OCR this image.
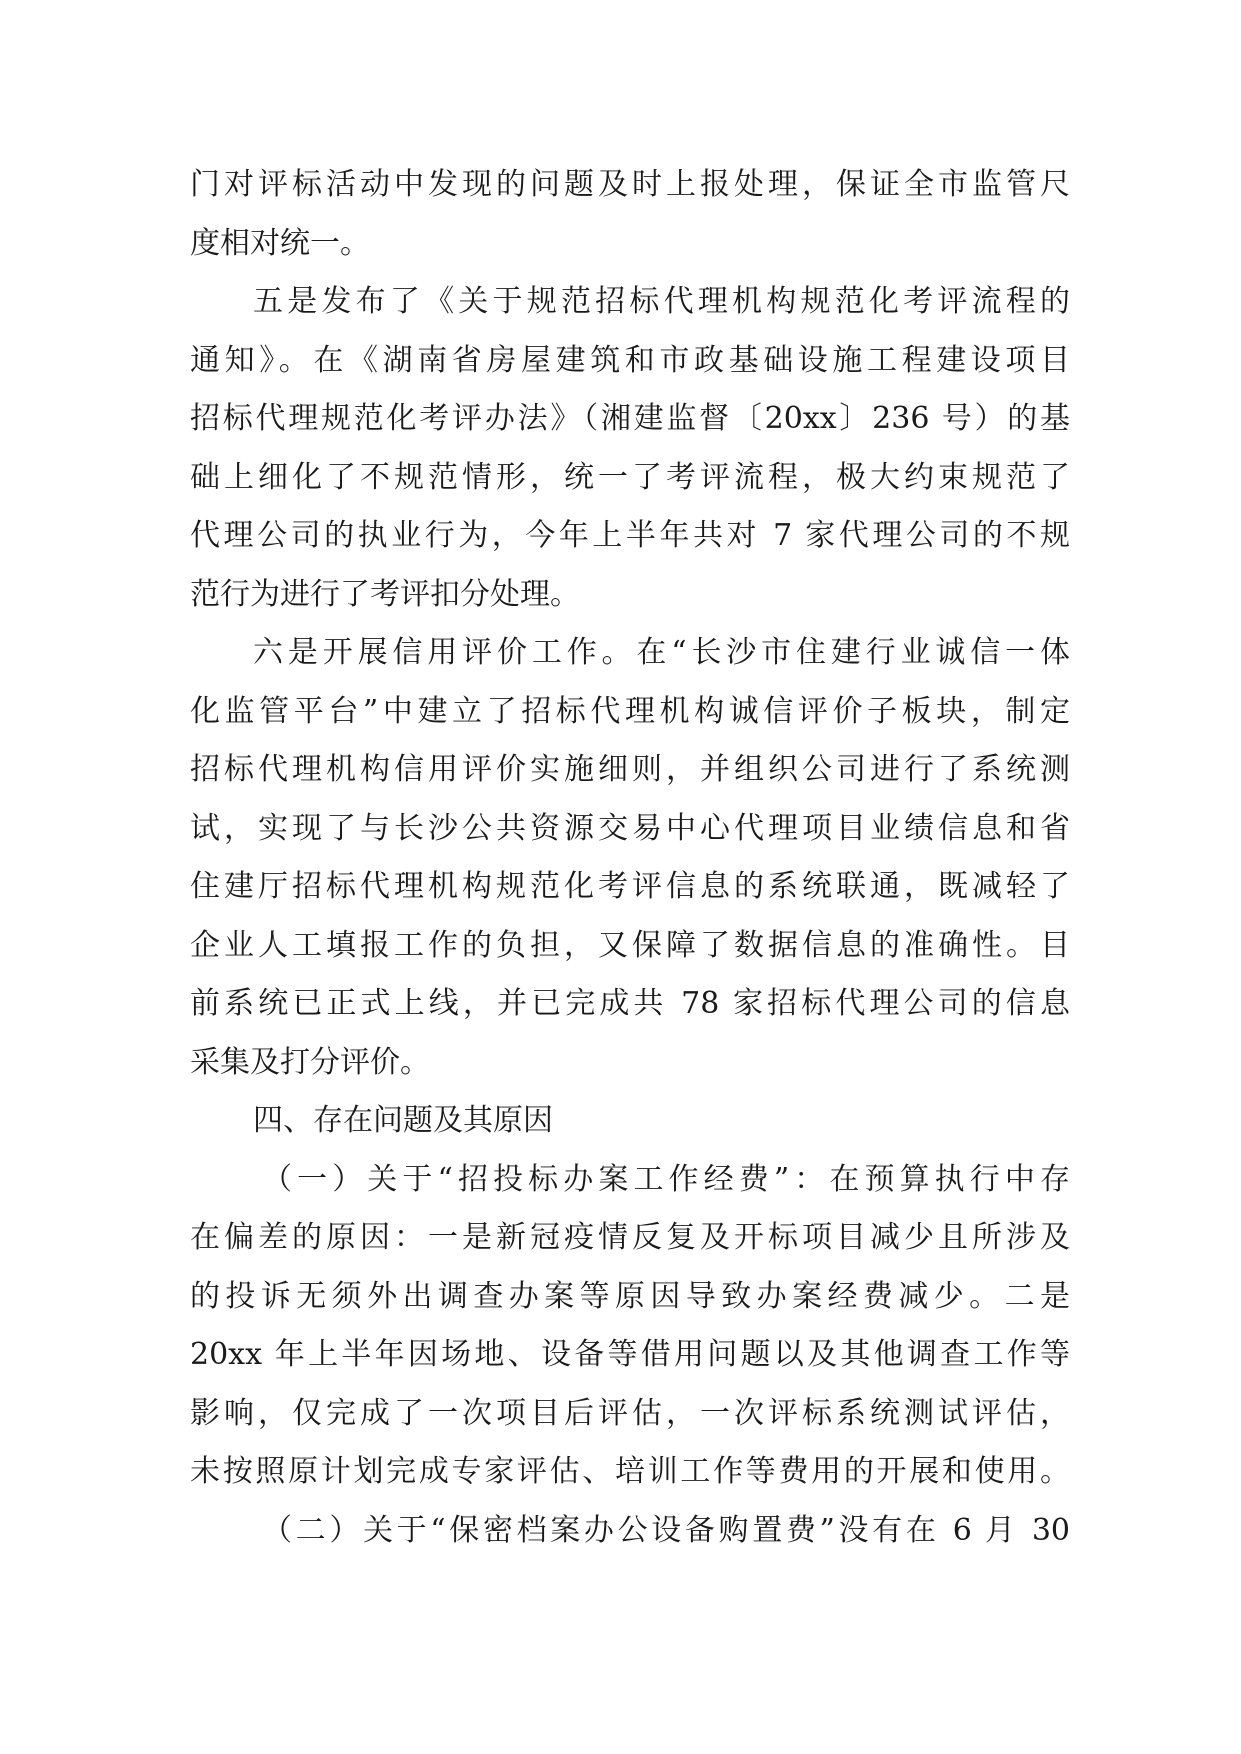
门对评标活动中发现的问题及时上报处理，保证全市监管尺
度相对统一。
五是发布了《关于规范招标代理机构规范化考评流程的
通知》。在《湖南省房屋建筑和市政基础设施工程建设项目
招标代理规范化考评办法》（湘建监督〔20xx〕236 号）的基
础上细化了不规范情形，统一了考评流程，极大约束规范了
代理公司的执业行为，今年上半年共对 7 家代理公司的不规
范行为进行了考评扣分处理。
六是开展信用评价工作。在“长沙市住建行业诚信一体
化监管平台”中建立了招标代理机构诚信评价子板块，制定
招标代理机构信用评价实施细则，并组织公司进行了系统测
试，实现了与长沙公共资源交易中心代理项目业绩信息和省
住建厅招标代理机构规范化考评信息的系统联通，既减轻了
企业人工填报工作的负担，又保障了数据信息的准确性。目
前系统已正式上线，并已完成共 78 家招标代理公司的信息
采集及打分评价。
四、存在问题及其原因
（一）关于“招投标办案工作经费”：在预算执行中存
在偏差的原因：一是新冠疫情反复及开标项目减少且所涉及
的投诉无须外出调查办案等原因导致办案经费减少。二是
20xx 年上半年因场地、设备等借用问题以及其他调查工作等
影响，仅完成了一次项目后评估，一次评标系统测试评估，
未按照原计划完成专家评估、培训工作等费用的开展和使用。
（二）关于“保密档案办公设备购置费”没有在 6 月 30
